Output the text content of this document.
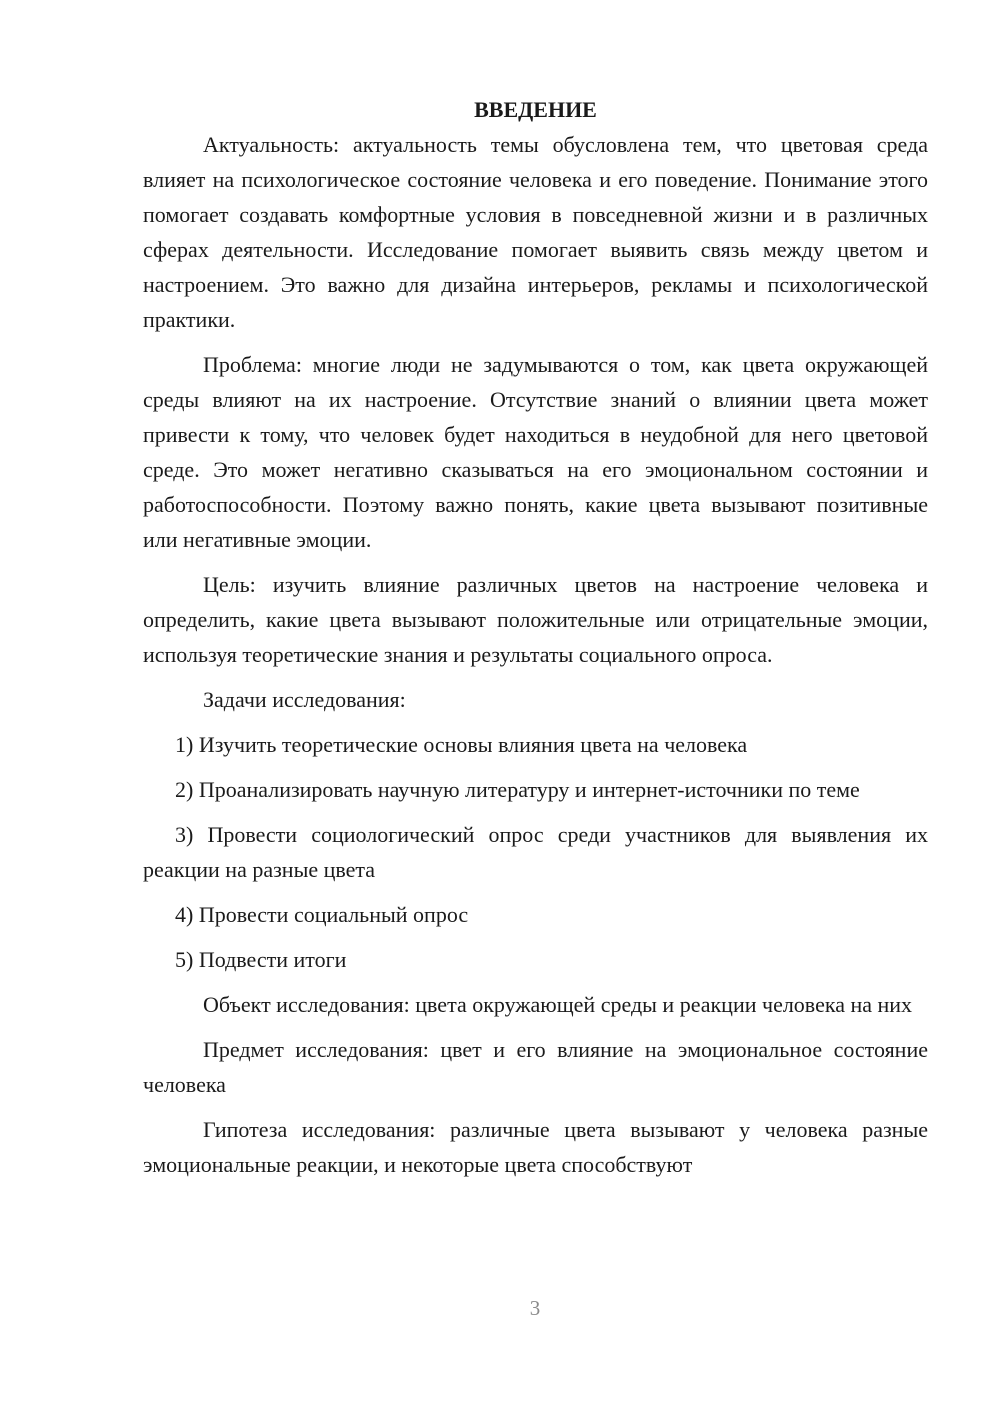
ВВЕДЕНИЕ

Актуальность: актуальность темы обусловлена тем, что цветовая среда влияет на психологическое состояние человека и его поведение. Понимание этого помогает создавать комфортные условия в повседневной жизни и в различных сферах деятельности. Исследование помогает выявить связь между цветом и настроением. Это важно для дизайна интерьеров, рекламы и психологической практики.

Проблема: многие люди не задумываются о том, как цвета окружающей среды влияют на их настроение. Отсутствие знаний о влиянии цвета может привести к тому, что человек будет находиться в неудобной для него цветовой среде. Это может негативно сказываться на его эмоциональном состоянии и работоспособности. Поэтому важно понять, какие цвета вызывают позитивные или негативные эмоции.

Цель: изучить влияние различных цветов на настроение человека и определить, какие цвета вызывают положительные или отрицательные эмоции, используя теоретические знания и результаты социального опроса.

Задачи исследования:

1) Изучить теоретические основы влияния цвета на человека

2) Проанализировать научную литературу и интернет-источники по теме

3) Провести социологический опрос среди участников для выявления их реакции на разные цвета

4) Провести социальный опрос

5) Подвести итоги

Объект исследования: цвета окружающей среды и реакции человека на них

Предмет исследования: цвет и его влияние на эмоциональное состояние человека

Гипотеза исследования: различные цвета вызывают у человека разные эмоциональные реакции, и некоторые цвета способствуют

3
